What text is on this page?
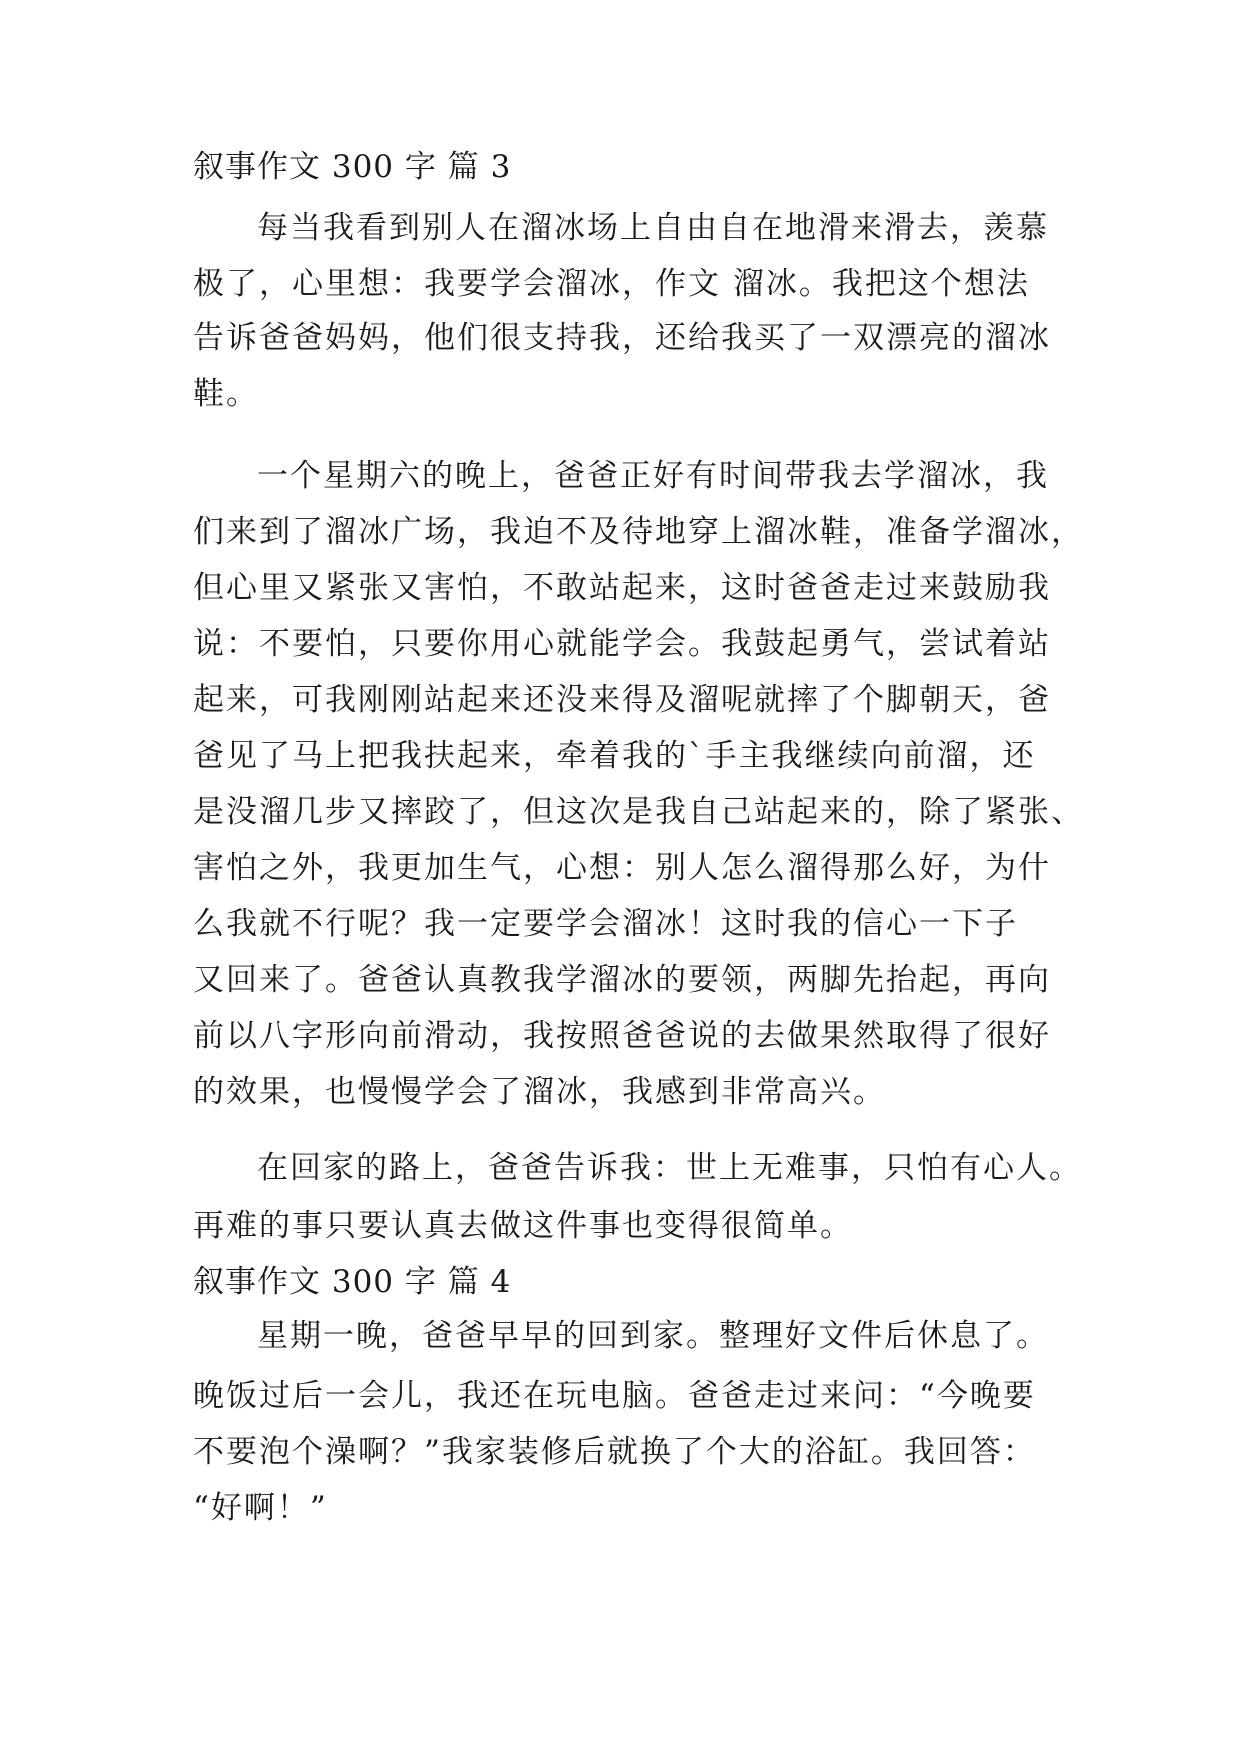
叙事作文 300 字 篇 3
每当我看到别人在溜冰场上自由自在地滑来滑去，羡慕
极了，心里想：我要学会溜冰，作文 溜冰。我把这个想法
告诉爸爸妈妈，他们很支持我，还给我买了一双漂亮的溜冰
鞋。
一个星期六的晚上，爸爸正好有时间带我去学溜冰，我
们来到了溜冰广场，我迫不及待地穿上溜冰鞋，准备学溜冰，
但心里又紧张又害怕，不敢站起来，这时爸爸走过来鼓励我
说：不要怕，只要你用心就能学会。我鼓起勇气，尝试着站
起来，可我刚刚站起来还没来得及溜呢就摔了个脚朝天，爸
爸见了马上把我扶起来，牵着我的`手主我继续向前溜，还
是没溜几步又摔跤了，但这次是我自己站起来的，除了紧张、
害怕之外，我更加生气，心想：别人怎么溜得那么好，为什
么我就不行呢？我一定要学会溜冰！这时我的信心一下子
又回来了。爸爸认真教我学溜冰的要领，两脚先抬起，再向
前以八字形向前滑动，我按照爸爸说的去做果然取得了很好
的效果，也慢慢学会了溜冰，我感到非常高兴。
在回家的路上，爸爸告诉我：世上无难事，只怕有心人。
再难的事只要认真去做这件事也变得很简单。
叙事作文 300 字 篇 4
星期一晚，爸爸早早的回到家。整理好文件后休息了。
晚饭过后一会儿，我还在玩电脑。爸爸走过来问：“今晚要
不要泡个澡啊？”我家装修后就换了个大的浴缸。我回答：
“好啊！”
